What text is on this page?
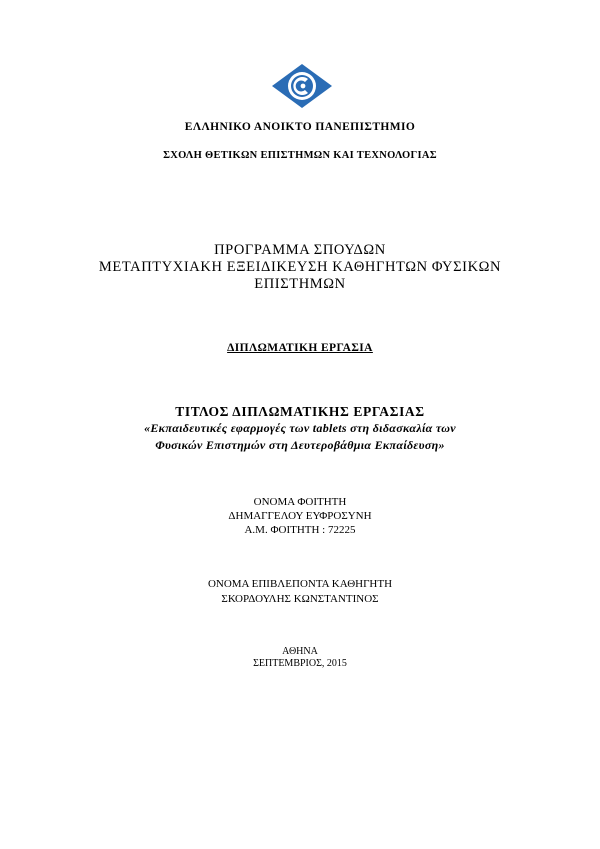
ΕΛΛΗΝΙΚΟ ΑΝΟΙΚΤΟ ΠΑΝΕΠΙΣΤΗΜΙΟ
ΣΧΟΛΗ ΘΕΤΙΚΩΝ ΕΠΙΣΤΗΜΩΝ ΚΑΙ ΤΕΧΝΟΛΟΓΙΑΣ
ΠΡΟΓΡΑΜΜΑ ΣΠΟΥΔΩΝ
ΜΕΤΑΠΤΥΧΙΑΚΗ ΕΞΕΙΔΙΚΕΥΣΗ ΚΑΘΗΓΗΤΩΝ ΦΥΣΙΚΩΝ
ΕΠΙΣΤΗΜΩΝ
ΔΙΠΛΩΜΑΤΙΚΗ ΕΡΓΑΣΙΑ
ΤΙΤΛΟΣ ΔΙΠΛΩΜΑΤΙΚΗΣ ΕΡΓΑΣΙΑΣ
«Εκπαιδευτικές εφαρμογές των tablets στη διδασκαλία των
Φυσικών Επιστημών στη Δευτεροβάθμια Εκπαίδευση»
ΟΝΟΜΑ ΦΟΙΤΗΤΗ
ΔΗΜΑΓΓΕΛΟΥ ΕΥΦΡΟΣΥΝΗ
Α.Μ. ΦΟΙΤΗΤΗ : 72225
ΟΝΟΜΑ ΕΠΙΒΛΕΠΟΝΤΑ ΚΑΘΗΓΗΤΗ
ΣΚΟΡΔΟΥΛΗΣ ΚΩΝΣΤΑΝΤΙΝΟΣ
ΑΘΗΝΑ
ΣΕΠΤΕΜΒΡΙΟΣ, 2015
